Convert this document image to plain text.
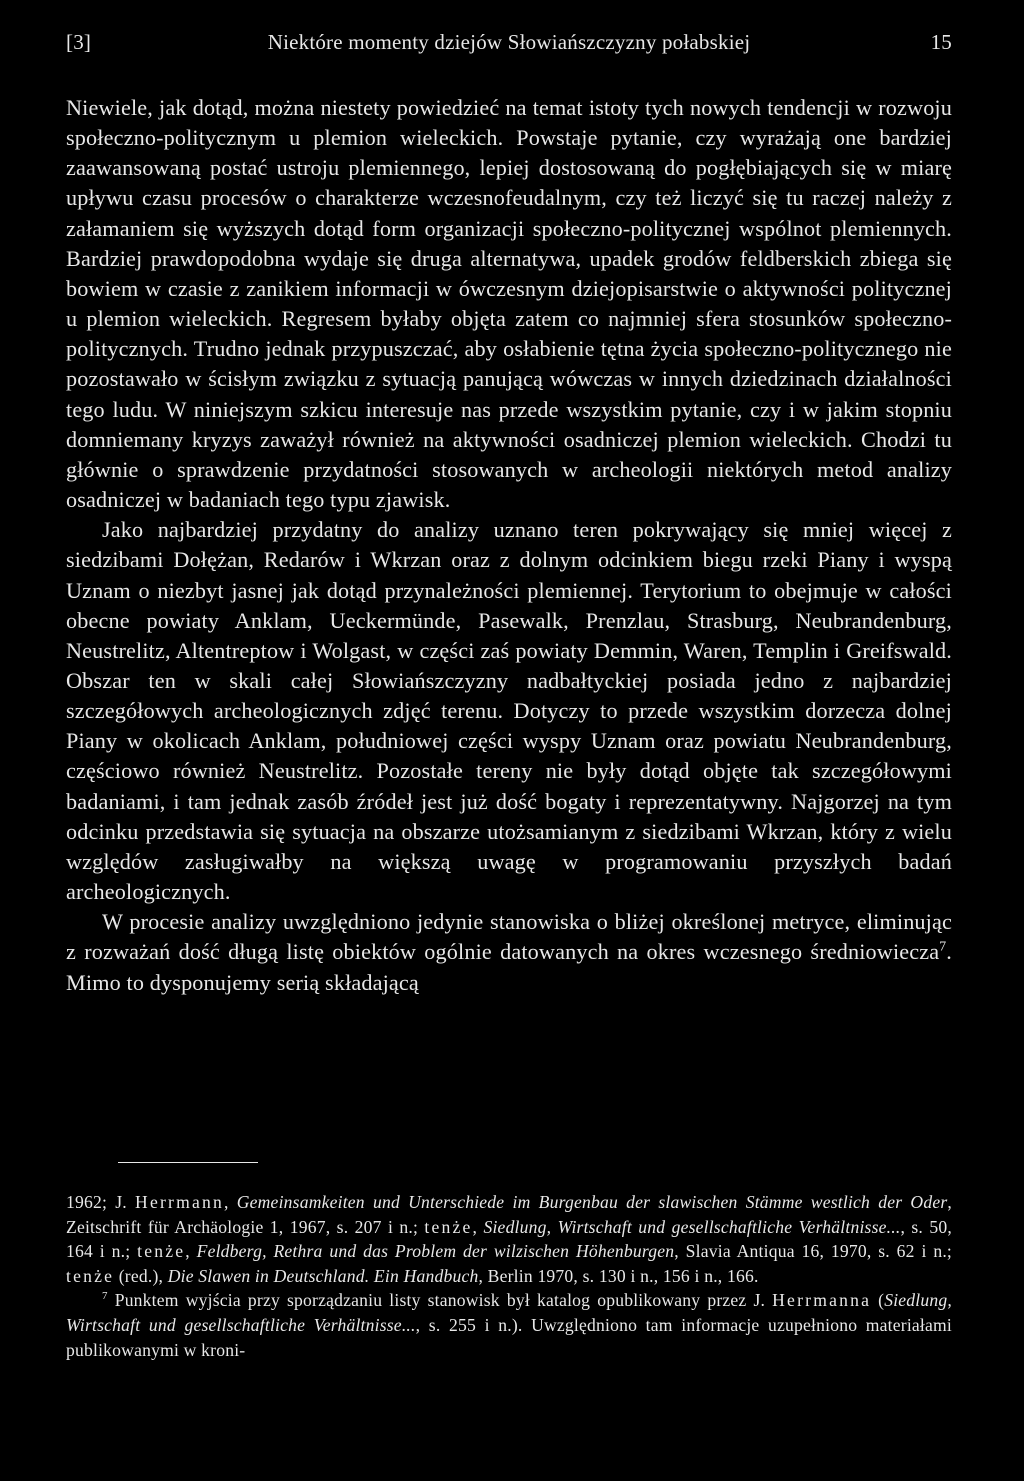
[3]	Niektóre momenty dziejów Słowiańszczyzny połabskiej	15

Niewiele, jak dotąd, można niestety powiedzieć na temat istoty tych nowych tendencji w rozwoju społeczno-politycznym u plemion wieleckich. Powstaje pytanie, czy wyrażają one bardziej zaawansowaną postać ustroju plemiennego, lepiej dostosowaną do pogłębiających się w miarę upływu czasu procesów o charakterze wczesnofeudalnym, czy też liczyć się tu raczej należy z załamaniem się wyższych dotąd form organizacji społeczno-politycznej wspólnot plemiennych. Bardziej prawdopodobna wydaje się druga alternatywa, upadek grodów feldberskich zbiega się bowiem w czasie z zanikiem informacji w ówczesnym dziejopisarstwie o aktywności politycznej u plemion wieleckich. Regresem byłaby objęta zatem co najmniej sfera stosunków społeczno-politycznych. Trudno jednak przypuszczać, aby osłabienie tętna życia społeczno-politycznego nie pozostawało w ścisłym związku z sytuacją panującą wówczas w innych dziedzinach działalności tego ludu. W niniejszym szkicu interesuje nas przede wszystkim pytanie, czy i w jakim stopniu domniemany kryzys zaważył również na aktywności osadniczej plemion wieleckich. Chodzi tu głównie o sprawdzenie przydatności stosowanych w archeologii niektórych metod analizy osadniczej w badaniach tego typu zjawisk.

Jako najbardziej przydatny do analizy uznano teren pokrywający się mniej więcej z siedzibami Dołężan, Redarów i Wkrzan oraz z dolnym odcinkiem biegu rzeki Piany i wyspą Uznam o niezbyt jasnej jak dotąd przynależności plemiennej. Terytorium to obejmuje w całości obecne powiaty Anklam, Ueckermünde, Pasewalk, Prenzlau, Strasburg, Neubrandenburg, Neustrelitz, Altentreptow i Wolgast, w części zaś powiaty Demmin, Waren, Templin i Greifswald. Obszar ten w skali całej Słowiańszczyzny nadbałtyckiej posiada jedno z najbardziej szczegółowych archeologicznych zdjęć terenu. Dotyczy to przede wszystkim dorzecza dolnej Piany w okolicach Anklam, południowej części wyspy Uznam oraz powiatu Neubrandenburg, częściowo również Neustrelitz. Pozostałe tereny nie były dotąd objęte tak szczegółowymi badaniami, i tam jednak zasób źródeł jest już dość bogaty i reprezentatywny. Najgorzej na tym odcinku przedstawia się sytuacja na obszarze utożsamianym z siedzibami Wkrzan, który z wielu względów zasługiwałby na większą uwagę w programowaniu przyszłych badań archeologicznych.

W procesie analizy uwzględniono jedynie stanowiska o bliżej określonej metryce, eliminując z rozważań dość długą listę obiektów ogólnie datowanych na okres wczesnego średniowiecza$^7$. Mimo to dysponujemy serią składającą

1962; J. Herrmann, Gemeinsamkeiten und Unterschiede im Burgenbau der slawischen Stämme westlich der Oder, Zeitschrift für Archäologie 1, 1967, s. 207 i n.; tenże, Siedlung, Wirtschaft und gesellschaftliche Verhältnisse..., s. 50, 164 i n.; tenże, Feldberg, Rethra und das Problem der wilzischen Höhenburgen, Slavia Antiqua 16, 1970, s. 62 i n.; tenże (red.), Die Slawen in Deutschland. Ein Handbuch, Berlin 1970, s. 130 i n., 156 i n., 166.

$^7$ Punktem wyjścia przy sporządzaniu listy stanowisk był katalog opublikowany przez J. Herrmanna (Siedlung, Wirtschaft und gesellschaftliche Verhältnisse..., s. 255 i n.). Uwzględniono tam informacje uzupełniono materiałami publikowanymi w kroni-
